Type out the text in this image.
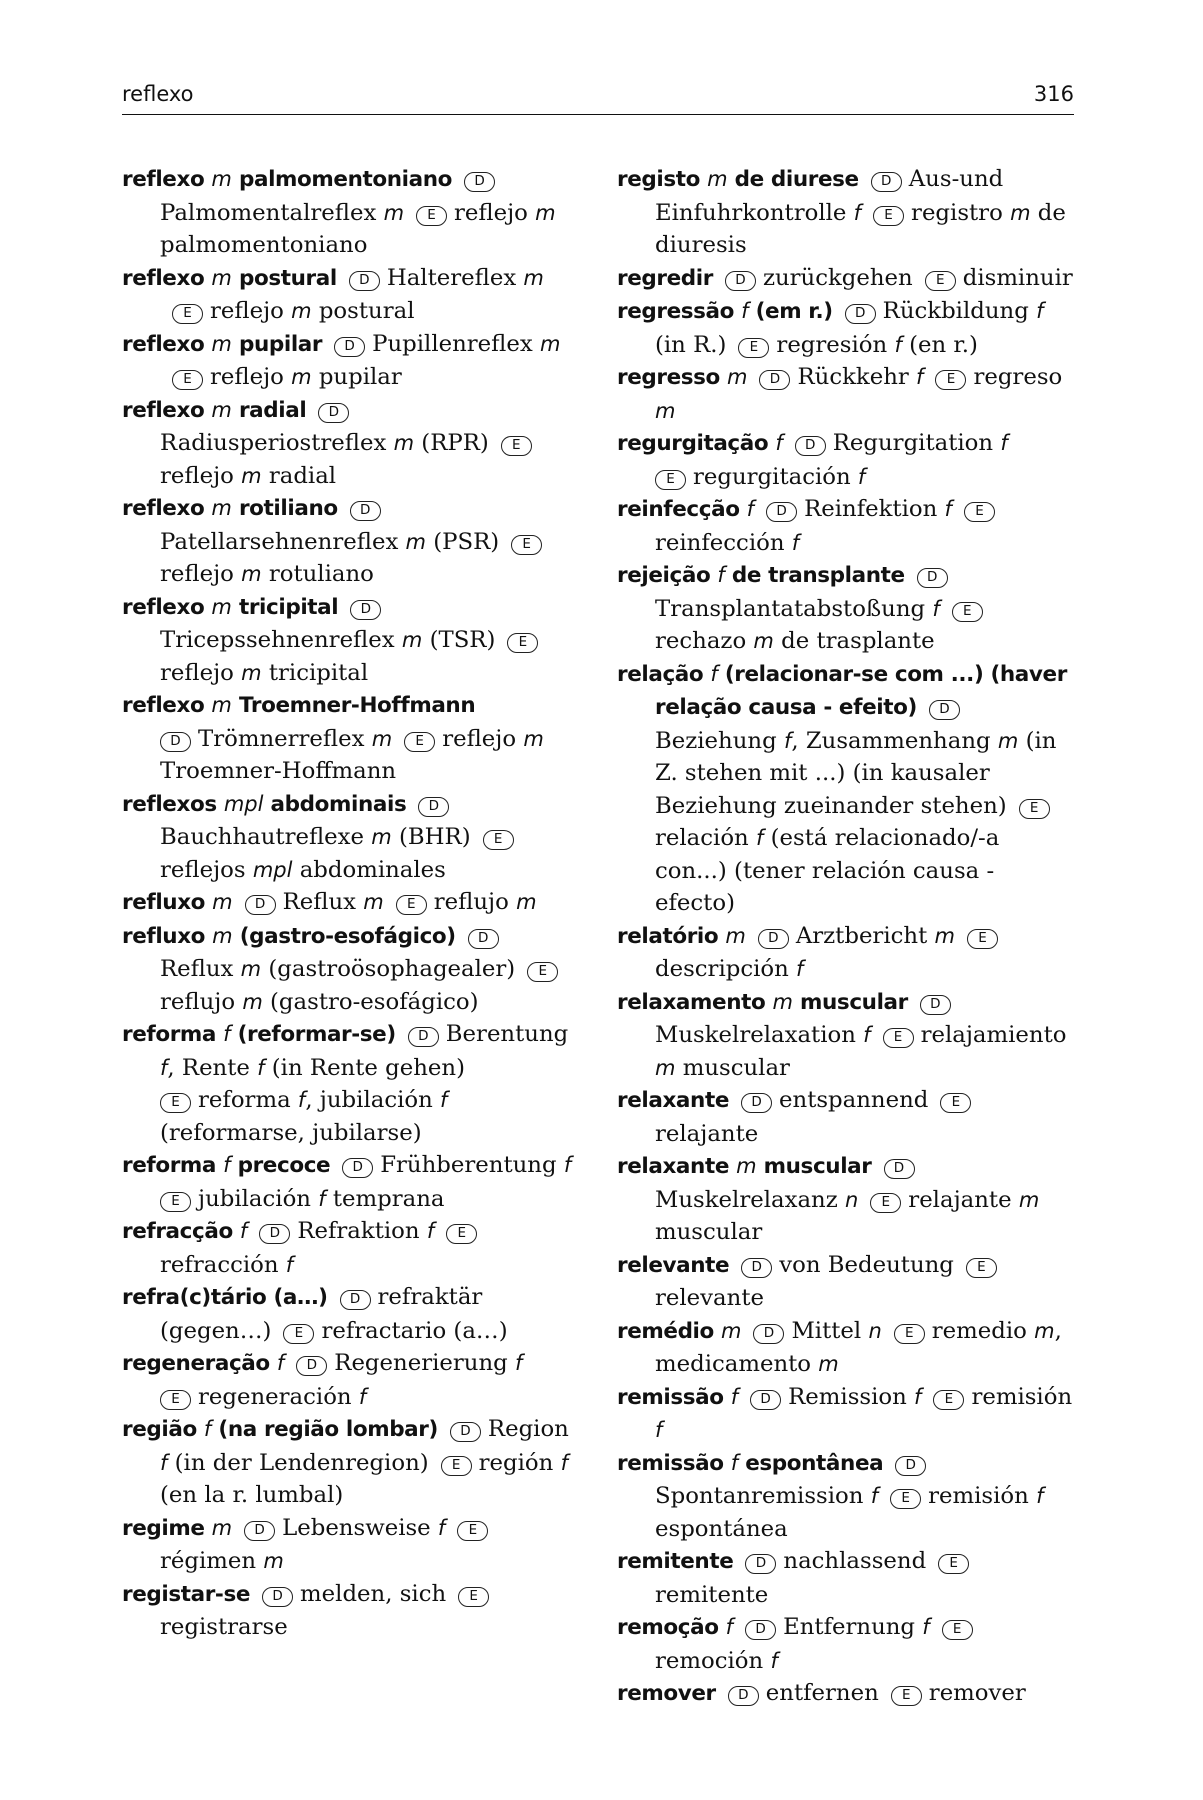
reflexo	316
reflexo m palmomentoniano DPalmomentalreflex m E reflejo m palmomentoniano
reflexo m postural D Haltereflex mE reflejo m postural
reflexo m pupilar D Pupillenreflex mE reflejo m pupilar
reflexo m radial DRadiusperiostreflex m (RPR) Ereflejo m radial
reflexo m rotiliano DPatellarsehnenreflex m (PSR) Ereflejo m rotuliano
reflexo m tricipital DTricepssehnenreflex m (TSR) Ereflejo m tricipital
reflexo m Troemner-Hoffmann
D Trömnerreflex m E reflejo m Troemner-Hoffmann
reflexos mpl abdominais DBauchhautreflexe m (BHR) Ereflejos mpl abdominales
refluxo m D Reflux m E reflujo m
refluxo m (gastro-esofágico) DReflux m (gastroösophagealer) Ereflujo m (gastro-esofágico)
reforma f (reformar-se) D Berentung f, Rente f (in Rente gehen)
E reforma f, jubilación f (reformarse, jubilarse)
reforma f precoce D Frühberentung f
E jubilación f temprana
refracção f D Refraktion f Erefracción f
refra(c)tário (a…) D refraktär (gegen…) E refractario (a…)
regeneração f D Regenerierung f
E regeneración f
região f (na região lombar) D Region f (in der Lendenregion) E región f (en la r. lumbal)
regime m D Lebensweise f Erégimen m
registar-se D melden, sich Eregistrarse
registo m de diurese D Aus-und Einfuhrkontrolle f E registro m de diuresis
regredir D zurückgehen E disminuir
regressão f (em r.) D Rückbildung f (in R.) E regresión f (en r.)
regresso m D Rückkehr f E regreso m
regurgitação f D Regurgitation f
E regurgitación f
reinfecção f D Reinfektion f Ereinfección f
rejeição f de transplante DTransplantatabstoßung f Erechazo m de trasplante
relação f (relacionar-se com ...) (haver relação causa - efeito) DBeziehung f, Zusammenhang m (in Z. stehen mit ...) (in kausaler Beziehung zueinander stehen) Erelación f (está relacionado/-a con...) (tener relación causa - efecto)
relatório m D Arztbericht m Edescripción f
relaxamento m muscular DMuskelrelaxation f E relajamiento m muscular
relaxante D entspannend Erelajante
relaxante m muscular DMuskelrelaxanz n E relajante m muscular
relevante D von Bedeutung Erelevante
remédio m D Mittel n E remedio m, medicamento m
remissão f D Remission f E remisión f
remissão f espontânea DSpontanremission f E remisión f espontánea
remitente D nachlassend Eremitente
remoção f D Entfernung f Eremoción f
remover D entfernen E remover
